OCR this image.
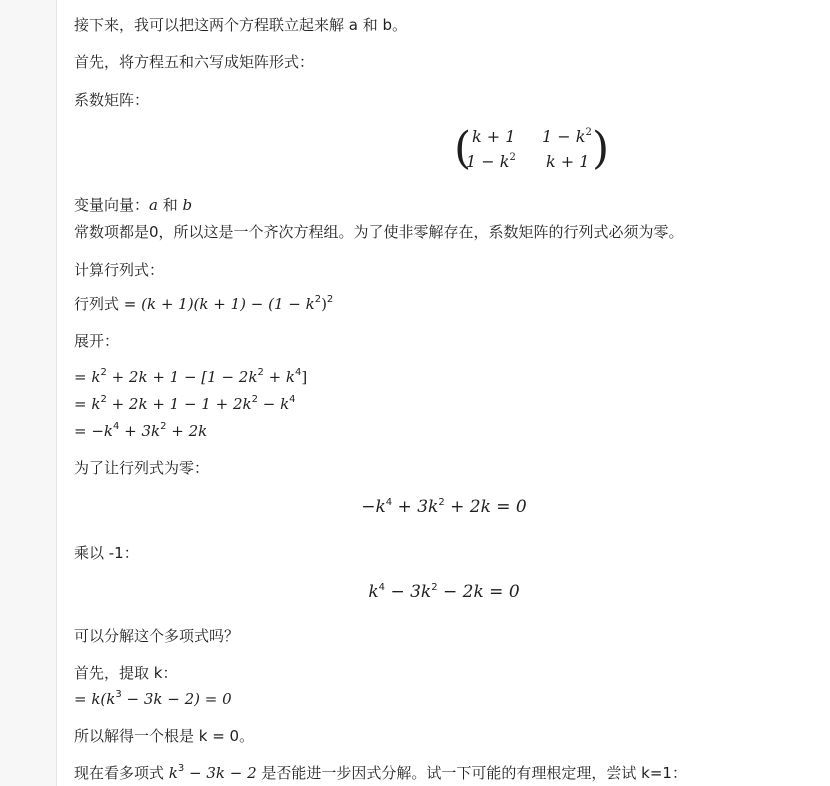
接下来，我可以把这两个方程联立起来解 a 和 b。
首先，将方程五和六写成矩阵形式：
系数矩阵：
( k + 1 $1 - k^2$
$1 - k^2$ k + 1 )
变量向量：a 和 b
常数项都是0，所以这是一个齐次方程组。为了使非零解存在，系数矩阵的行列式必须为零。
计算行列式：
行列式 = $(k + 1)(k + 1) - (1 - k^2)^2$
展开：
= $k^2 + 2k + 1 - [1 - 2k^2 + k^4]$
= $k^2 + 2k + 1 - 1 + 2k^2 - k^4$
= $-k^4 + 3k^2 + 2k$
为了让行列式为零：
$-k^4 + 3k^2 + 2k = 0$
乘以 -1：
$k^4 - 3k^2 - 2k = 0$
可以分解这个多项式吗？
首先，提取 k：
= $k(k^3 - 3k - 2) = 0$
所以解得一个根是 k = 0。
现在看多项式 $k^3 - 3k - 2$ 是否能进一步因式分解。试一下可能的有理根定理，尝试 k=1：
